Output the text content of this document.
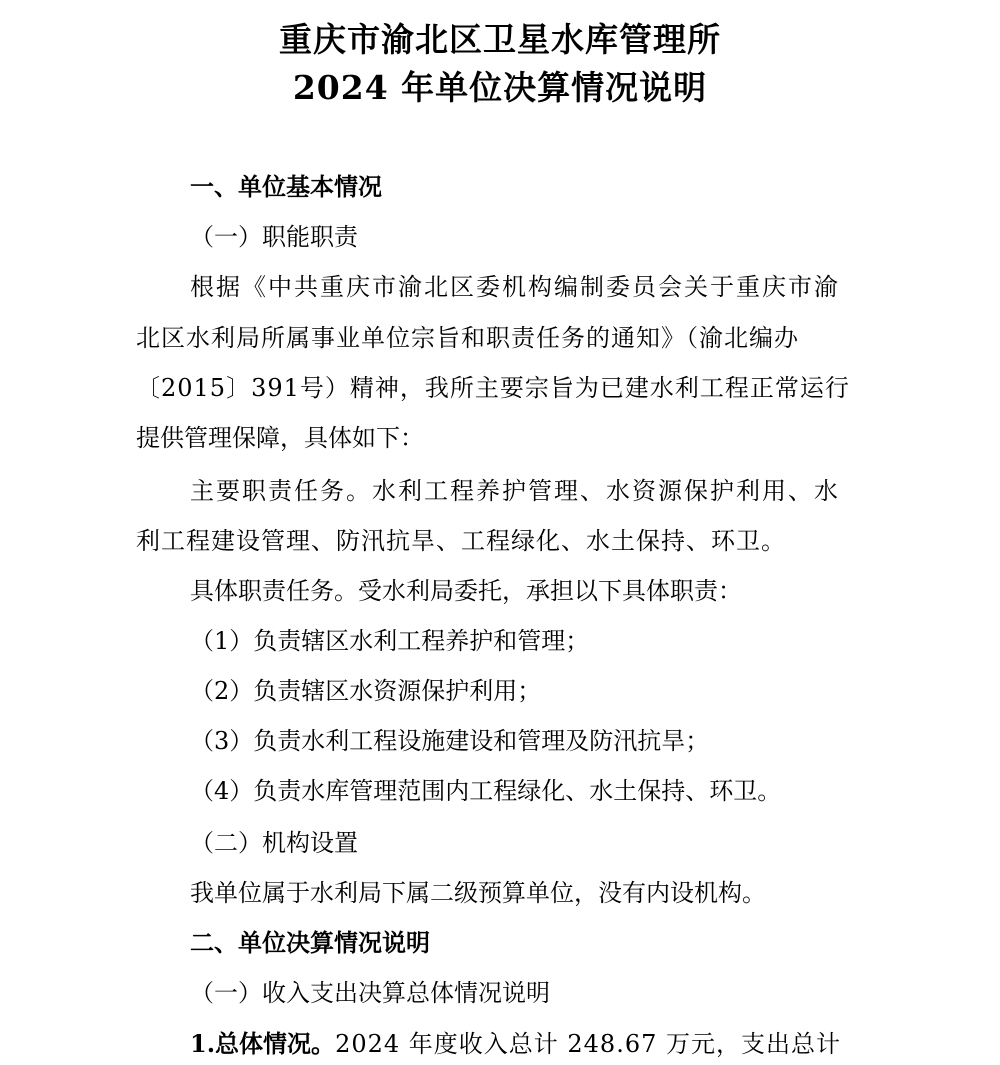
重庆市渝北区卫星水库管理所
2024 年单位决算情况说明
一、单位基本情况
（一）职能职责
根据《中共重庆市渝北区委机构编制委员会关于重庆市渝
北区水利局所属事业单位宗旨和职责任务的通知》（渝北编办
〔2015〕391号）精神，我所主要宗旨为已建水利工程正常运行
提供管理保障，具体如下：
主要职责任务。水利工程养护管理、水资源保护利用、水
利工程建设管理、防汛抗旱、工程绿化、水土保持、环卫。
具体职责任务。受水利局委托，承担以下具体职责：
（1）负责辖区水利工程养护和管理；
（2）负责辖区水资源保护利用；
（3）负责水利工程设施建设和管理及防汛抗旱；
（4）负责水库管理范围内工程绿化、水土保持、环卫。
（二）机构设置
我单位属于水利局下属二级预算单位，没有内设机构。
二、单位决算情况说明
（一）收入支出决算总体情况说明
1.总体情况。2024 年度收入总计 248.67 万元，支出总计
